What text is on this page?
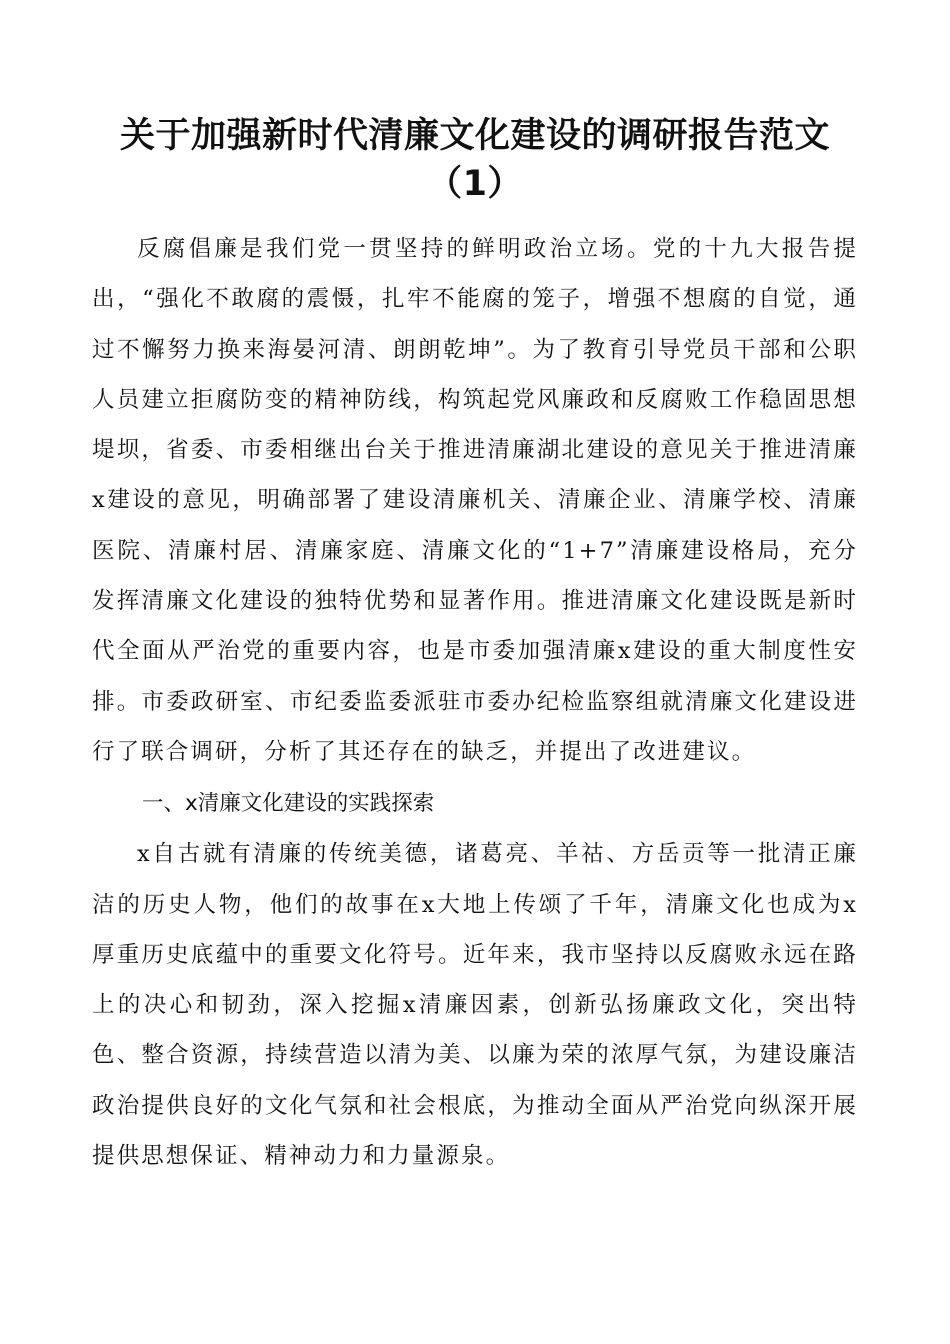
关于加强新时代清廉文化建设的调研报告范文
（1）

反腐倡廉是我们党一贯坚持的鲜明政治立场。党的十九大报告提出，“强化不敢腐的震慑，扎牢不能腐的笼子，增强不想腐的自觉，通过不懈努力换来海晏河清、朗朗乾坤”。为了教育引导党员干部和公职人员建立拒腐防变的精神防线，构筑起党风廉政和反腐败工作稳固思想堤坝，省委、市委相继出台关于推进清廉湖北建设的意见关于推进清廉x建设的意见，明确部署了建设清廉机关、清廉企业、清廉学校、清廉医院、清廉村居、清廉家庭、清廉文化的“1+7”清廉建设格局，充分发挥清廉文化建设的独特优势和显著作用。推进清廉文化建设既是新时代全面从严治党的重要内容，也是市委加强清廉x建设的重大制度性安排。市委政研室、市纪委监委派驻市委办纪检监察组就清廉文化建设进行了联合调研，分析了其还存在的缺乏，并提出了改进建议。

一、x清廉文化建设的实践探索

x自古就有清廉的传统美德，诸葛亮、羊祜、方岳贡等一批清正廉洁的历史人物，他们的故事在x大地上传颂了千年，清廉文化也成为x厚重历史底蕴中的重要文化符号。近年来，我市坚持以反腐败永远在路上的决心和韧劲，深入挖掘x清廉因素，创新弘扬廉政文化，突出特色、整合资源，持续营造以清为美、以廉为荣的浓厚气氛，为建设廉洁政治提供良好的文化气氛和社会根底，为推动全面从严治党向纵深开展提供思想保证、精神动力和力量源泉。
